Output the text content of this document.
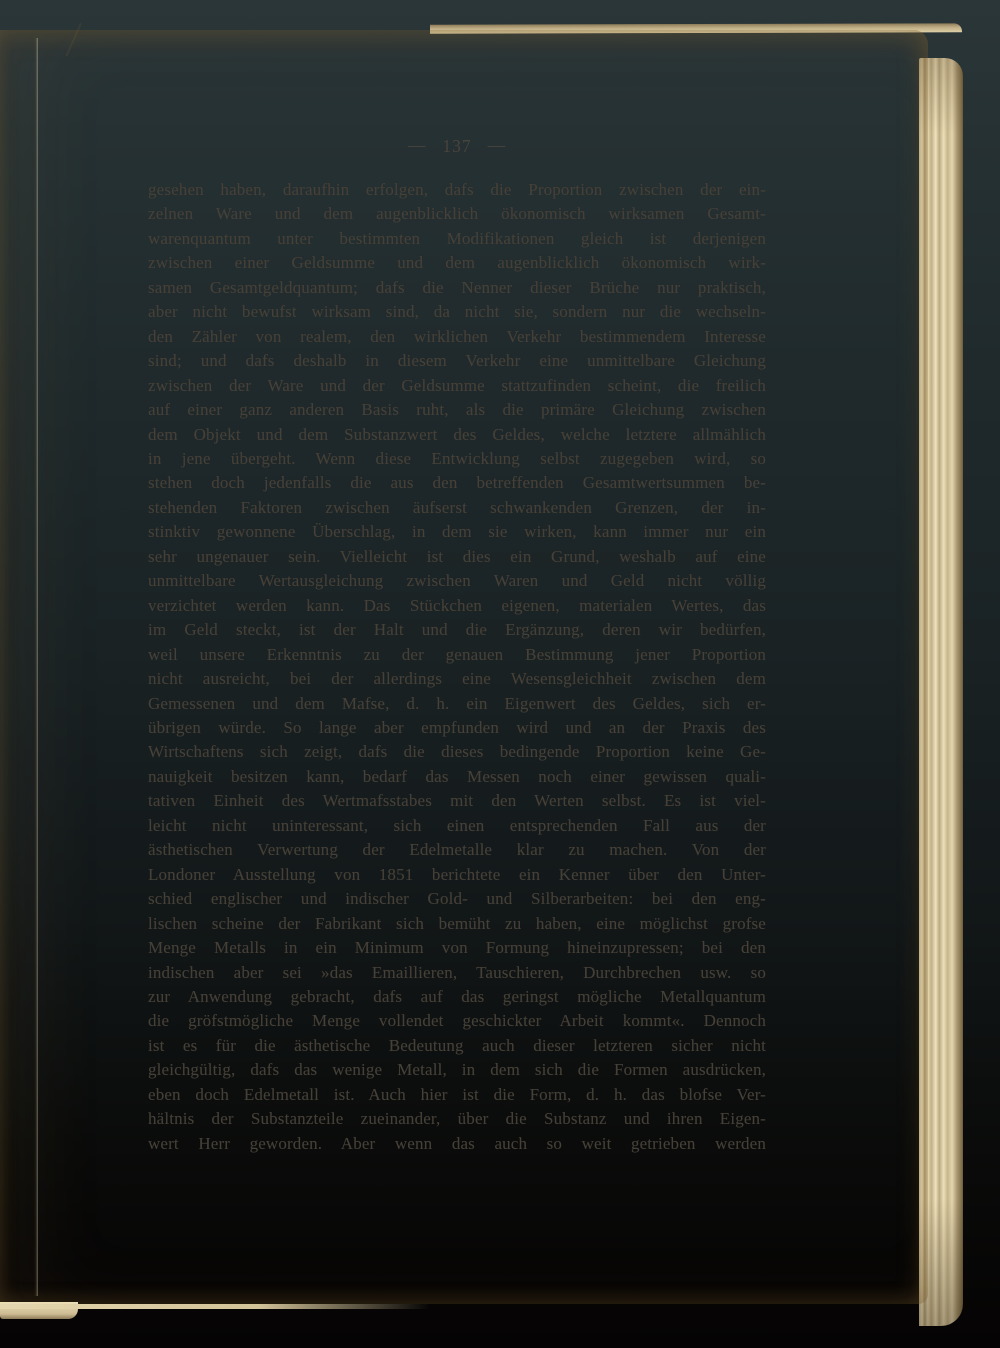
— 137 —
gesehen haben, daraufhin erfolgen, dafs die Proportion zwischen der ein-
zelnen Ware und dem augenblicklich ökonomisch wirksamen Gesamt-
warenquantum unter bestimmten Modifikationen gleich ist derjenigen
zwischen einer Geldsumme und dem augenblicklich ökonomisch wirk-
samen Gesamtgeldquantum; dafs die Nenner dieser Brüche nur praktisch,
aber nicht bewufst wirksam sind, da nicht sie, sondern nur die wechseln-
den Zähler von realem, den wirklichen Verkehr bestimmendem Interesse
sind; und dafs deshalb in diesem Verkehr eine unmittelbare Gleichung
zwischen der Ware und der Geldsumme stattzufinden scheint, die freilich
auf einer ganz anderen Basis ruht, als die primäre Gleichung zwischen
dem Objekt und dem Substanzwert des Geldes, welche letztere allmählich
in jene übergeht. Wenn diese Entwicklung selbst zugegeben wird, so
stehen doch jedenfalls die aus den betreffenden Gesamtwertsummen be-
stehenden Faktoren zwischen äufserst schwankenden Grenzen, der in-
stinktiv gewonnene Überschlag, in dem sie wirken, kann immer nur ein
sehr ungenauer sein. Vielleicht ist dies ein Grund, weshalb auf eine
unmittelbare Wertausgleichung zwischen Waren und Geld nicht völlig
verzichtet werden kann. Das Stückchen eigenen, materialen Wertes, das
im Geld steckt, ist der Halt und die Ergänzung, deren wir bedürfen,
weil unsere Erkenntnis zu der genauen Bestimmung jener Proportion
nicht ausreicht, bei der allerdings eine Wesensgleichheit zwischen dem
Gemessenen und dem Mafse, d. h. ein Eigenwert des Geldes, sich er-
übrigen würde. So lange aber empfunden wird und an der Praxis des
Wirtschaftens sich zeigt, dafs die dieses bedingende Proportion keine Ge-
nauigkeit besitzen kann, bedarf das Messen noch einer gewissen quali-
tativen Einheit des Wertmafsstabes mit den Werten selbst. Es ist viel-
leicht nicht uninteressant, sich einen entsprechenden Fall aus der
ästhetischen Verwertung der Edelmetalle klar zu machen. Von der
Londoner Ausstellung von 1851 berichtete ein Kenner über den Unter-
schied englischer und indischer Gold- und Silberarbeiten: bei den eng-
lischen scheine der Fabrikant sich bemüht zu haben, eine möglichst grofse
Menge Metalls in ein Minimum von Formung hineinzupressen; bei den
indischen aber sei »das Emaillieren, Tauschieren, Durchbrechen usw. so
zur Anwendung gebracht, dafs auf das geringst mögliche Metallquantum
die gröfstmögliche Menge vollendet geschickter Arbeit kommt«. Dennoch
ist es für die ästhetische Bedeutung auch dieser letzteren sicher nicht
gleichgültig, dafs das wenige Metall, in dem sich die Formen ausdrücken,
eben doch Edelmetall ist. Auch hier ist die Form, d. h. das blofse Ver-
hältnis der Substanzteile zueinander, über die Substanz und ihren Eigen-
wert Herr geworden. Aber wenn das auch so weit getrieben werden
